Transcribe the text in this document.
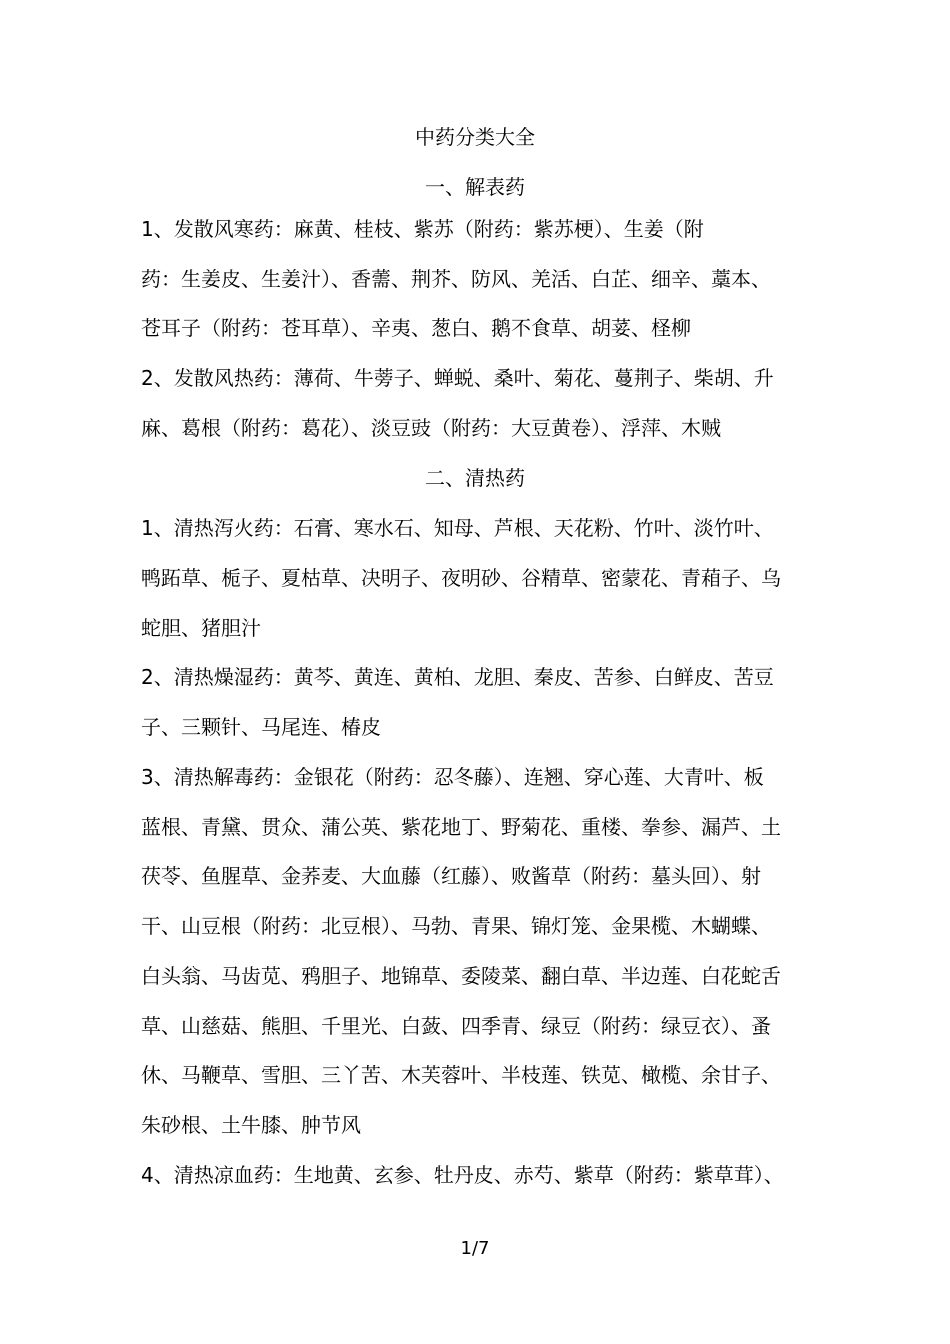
中药分类大全
一、解表药
1、发散风寒药：麻黄、桂枝、紫苏（附药：紫苏梗）、生姜（附
药：生姜皮、生姜汁）、香薷、荆芥、防风、羌活、白芷、细辛、藁本、
苍耳子（附药：苍耳草）、辛夷、葱白、鹅不食草、胡荽、柽柳
2、发散风热药：薄荷、牛蒡子、蝉蜕、桑叶、菊花、蔓荆子、柴胡、升
麻、葛根（附药：葛花）、淡豆豉（附药：大豆黄卷）、浮萍、木贼
二、清热药
1、清热泻火药：石膏、寒水石、知母、芦根、天花粉、竹叶、淡竹叶、
鸭跖草、栀子、夏枯草、决明子、夜明砂、谷精草、密蒙花、青葙子、乌
蛇胆、猪胆汁
2、清热燥湿药：黄芩、黄连、黄柏、龙胆、秦皮、苦参、白鲜皮、苦豆
子、三颗针、马尾连、椿皮
3、清热解毒药：金银花（附药：忍冬藤）、连翘、穿心莲、大青叶、板
蓝根、青黛、贯众、蒲公英、紫花地丁、野菊花、重楼、拳参、漏芦、土
茯苓、鱼腥草、金荞麦、大血藤（红藤）、败酱草（附药：墓头回）、射
干、山豆根（附药：北豆根）、马勃、青果、锦灯笼、金果榄、木蝴蝶、
白头翁、马齿苋、鸦胆子、地锦草、委陵菜、翻白草、半边莲、白花蛇舌
草、山慈菇、熊胆、千里光、白蔹、四季青、绿豆（附药：绿豆衣）、蚤
休、马鞭草、雪胆、三丫苦、木芙蓉叶、半枝莲、铁苋、橄榄、余甘子、
朱砂根、土牛膝、肿节风
4、清热凉血药：生地黄、玄参、牡丹皮、赤芍、紫草（附药：紫草茸）、
1/7
